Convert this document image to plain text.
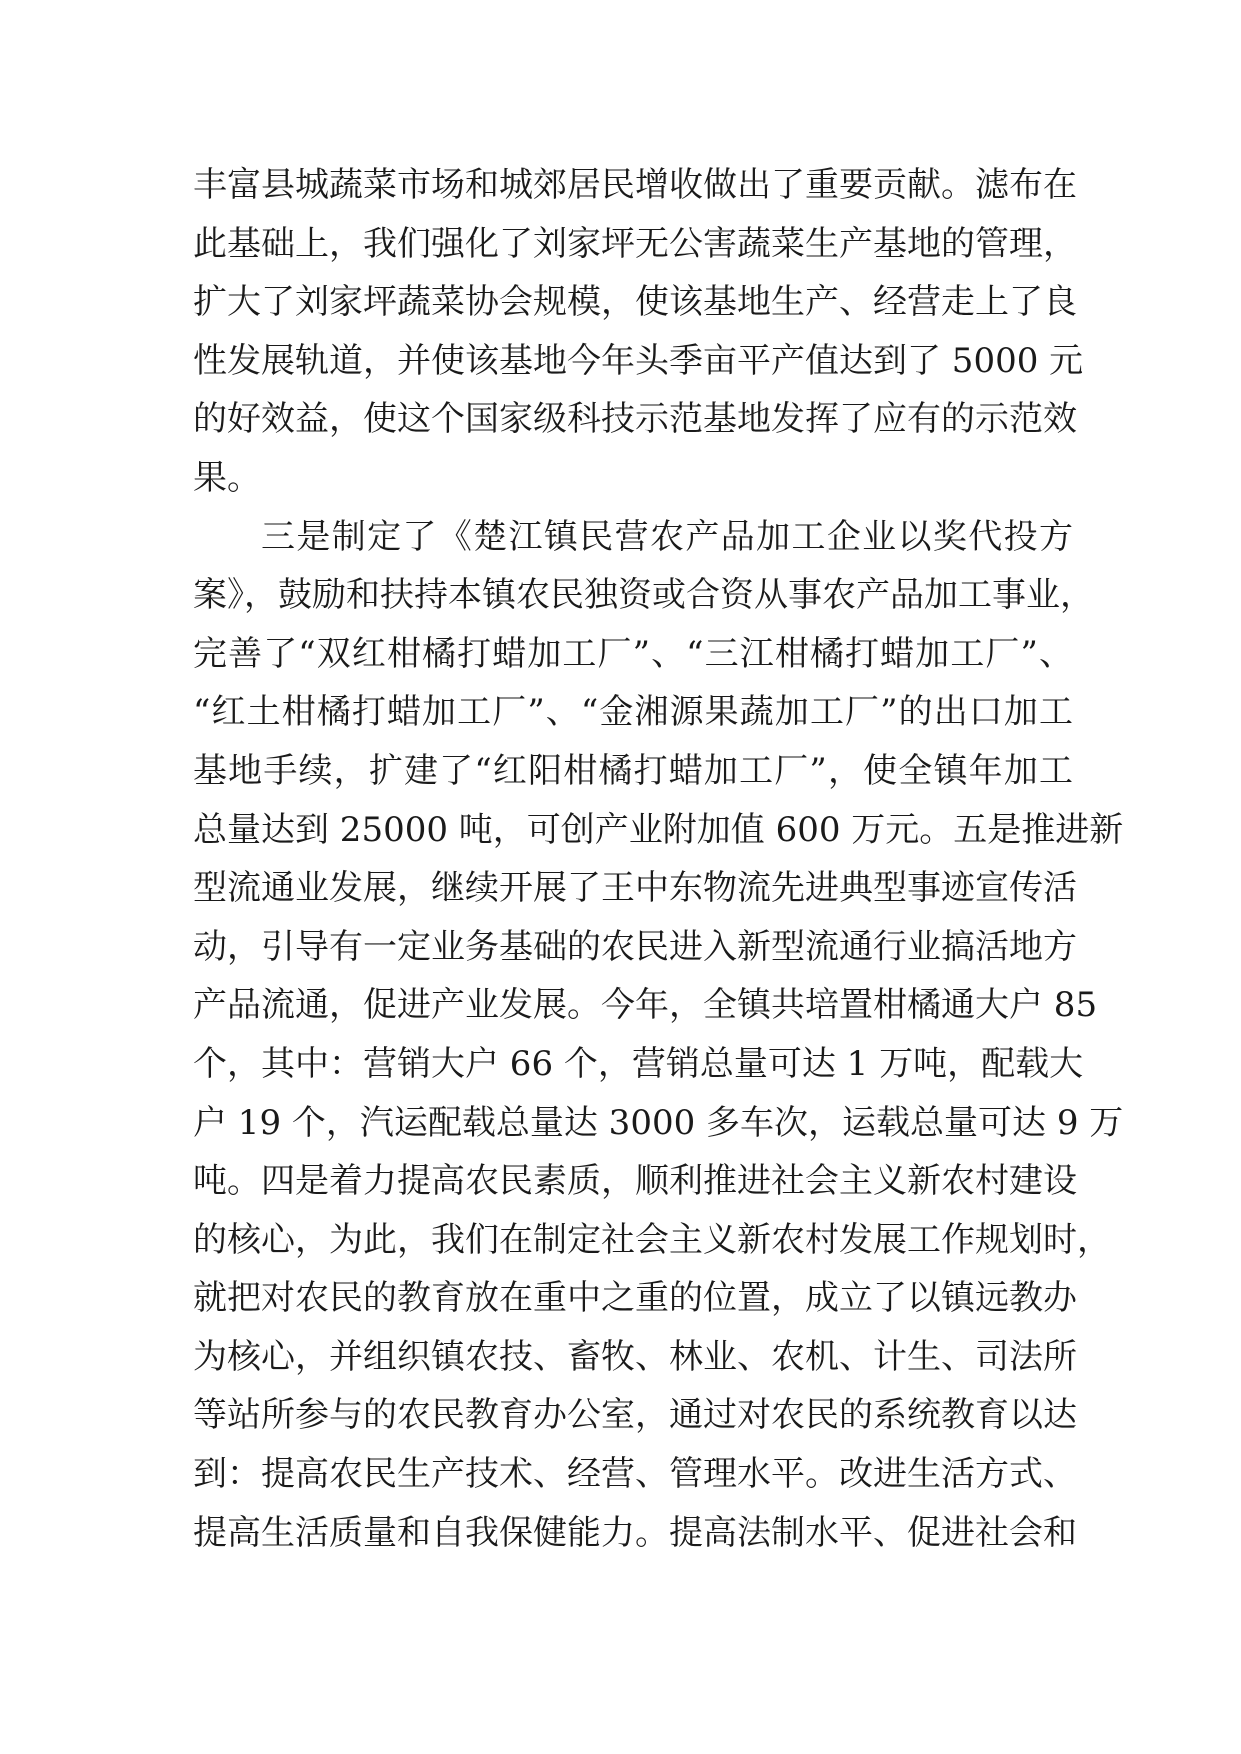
丰富县城蔬菜市场和城郊居民增收做出了重要贡献。滤布在
此基础上，我们强化了刘家坪无公害蔬菜生产基地的管理，
扩大了刘家坪蔬菜协会规模，使该基地生产、经营走上了良
性发展轨道，并使该基地今年头季亩平产值达到了 5000 元
的好效益，使这个国家级科技示范基地发挥了应有的示范效
果。
三是制定了《楚江镇民营农产品加工企业以奖代投方
案》，鼓励和扶持本镇农民独资或合资从事农产品加工事业，
完善了“双红柑橘打蜡加工厂”、“三江柑橘打蜡加工厂”、
“红土柑橘打蜡加工厂”、“金湘源果蔬加工厂”的出口加工
基地手续，扩建了“红阳柑橘打蜡加工厂”，使全镇年加工
总量达到 25000 吨，可创产业附加值 600 万元。五是推进新
型流通业发展，继续开展了王中东物流先进典型事迹宣传活
动，引导有一定业务基础的农民进入新型流通行业搞活地方
产品流通，促进产业发展。今年，全镇共培置柑橘通大户 85
个，其中：营销大户 66 个，营销总量可达 1 万吨，配载大
户 19 个，汽运配载总量达 3000 多车次，运载总量可达 9 万
吨。四是着力提高农民素质，顺利推进社会主义新农村建设
的核心，为此，我们在制定社会主义新农村发展工作规划时，
就把对农民的教育放在重中之重的位置，成立了以镇远教办
为核心，并组织镇农技、畜牧、林业、农机、计生、司法所
等站所参与的农民教育办公室，通过对农民的系统教育以达
到：提高农民生产技术、经营、管理水平。改进生活方式、
提高生活质量和自我保健能力。提高法制水平、促进社会和
